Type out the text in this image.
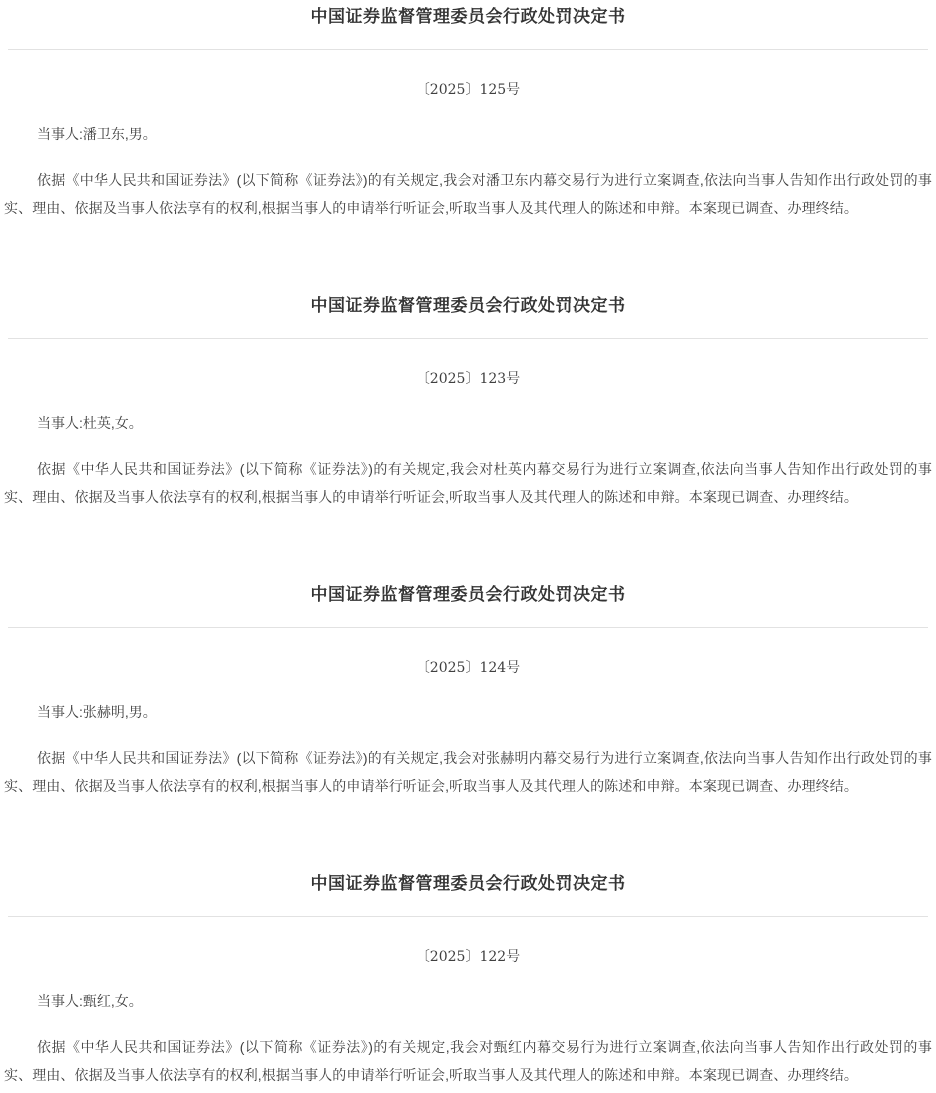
中国证券监督管理委员会行政处罚决定书

〔2025〕125号

当事人:潘卫东,男。

依据《中华人民共和国证券法》(以下简称《证券法》)的有关规定,我会对潘卫东内幕交易行为进行立案调查,依法向当事人告知作出行政处罚的事实、理由、依据及当事人依法享有的权利,根据当事人的申请举行听证会,听取当事人及其代理人的陈述和申辩。本案现已调查、办理终结。

中国证券监督管理委员会行政处罚决定书

〔2025〕123号

当事人:杜英,女。

依据《中华人民共和国证券法》(以下简称《证券法》)的有关规定,我会对杜英内幕交易行为进行立案调查,依法向当事人告知作出行政处罚的事实、理由、依据及当事人依法享有的权利,根据当事人的申请举行听证会,听取当事人及其代理人的陈述和申辩。本案现已调查、办理终结。

中国证券监督管理委员会行政处罚决定书

〔2025〕124号

当事人:张赫明,男。

依据《中华人民共和国证券法》(以下简称《证券法》)的有关规定,我会对张赫明内幕交易行为进行立案调查,依法向当事人告知作出行政处罚的事实、理由、依据及当事人依法享有的权利,根据当事人的申请举行听证会,听取当事人及其代理人的陈述和申辩。本案现已调查、办理终结。

中国证券监督管理委员会行政处罚决定书

〔2025〕122号

当事人:甄红,女。

依据《中华人民共和国证券法》(以下简称《证券法》)的有关规定,我会对甄红内幕交易行为进行立案调查,依法向当事人告知作出行政处罚的事实、理由、依据及当事人依法享有的权利,根据当事人的申请举行听证会,听取当事人及其代理人的陈述和申辩。本案现已调查、办理终结。
